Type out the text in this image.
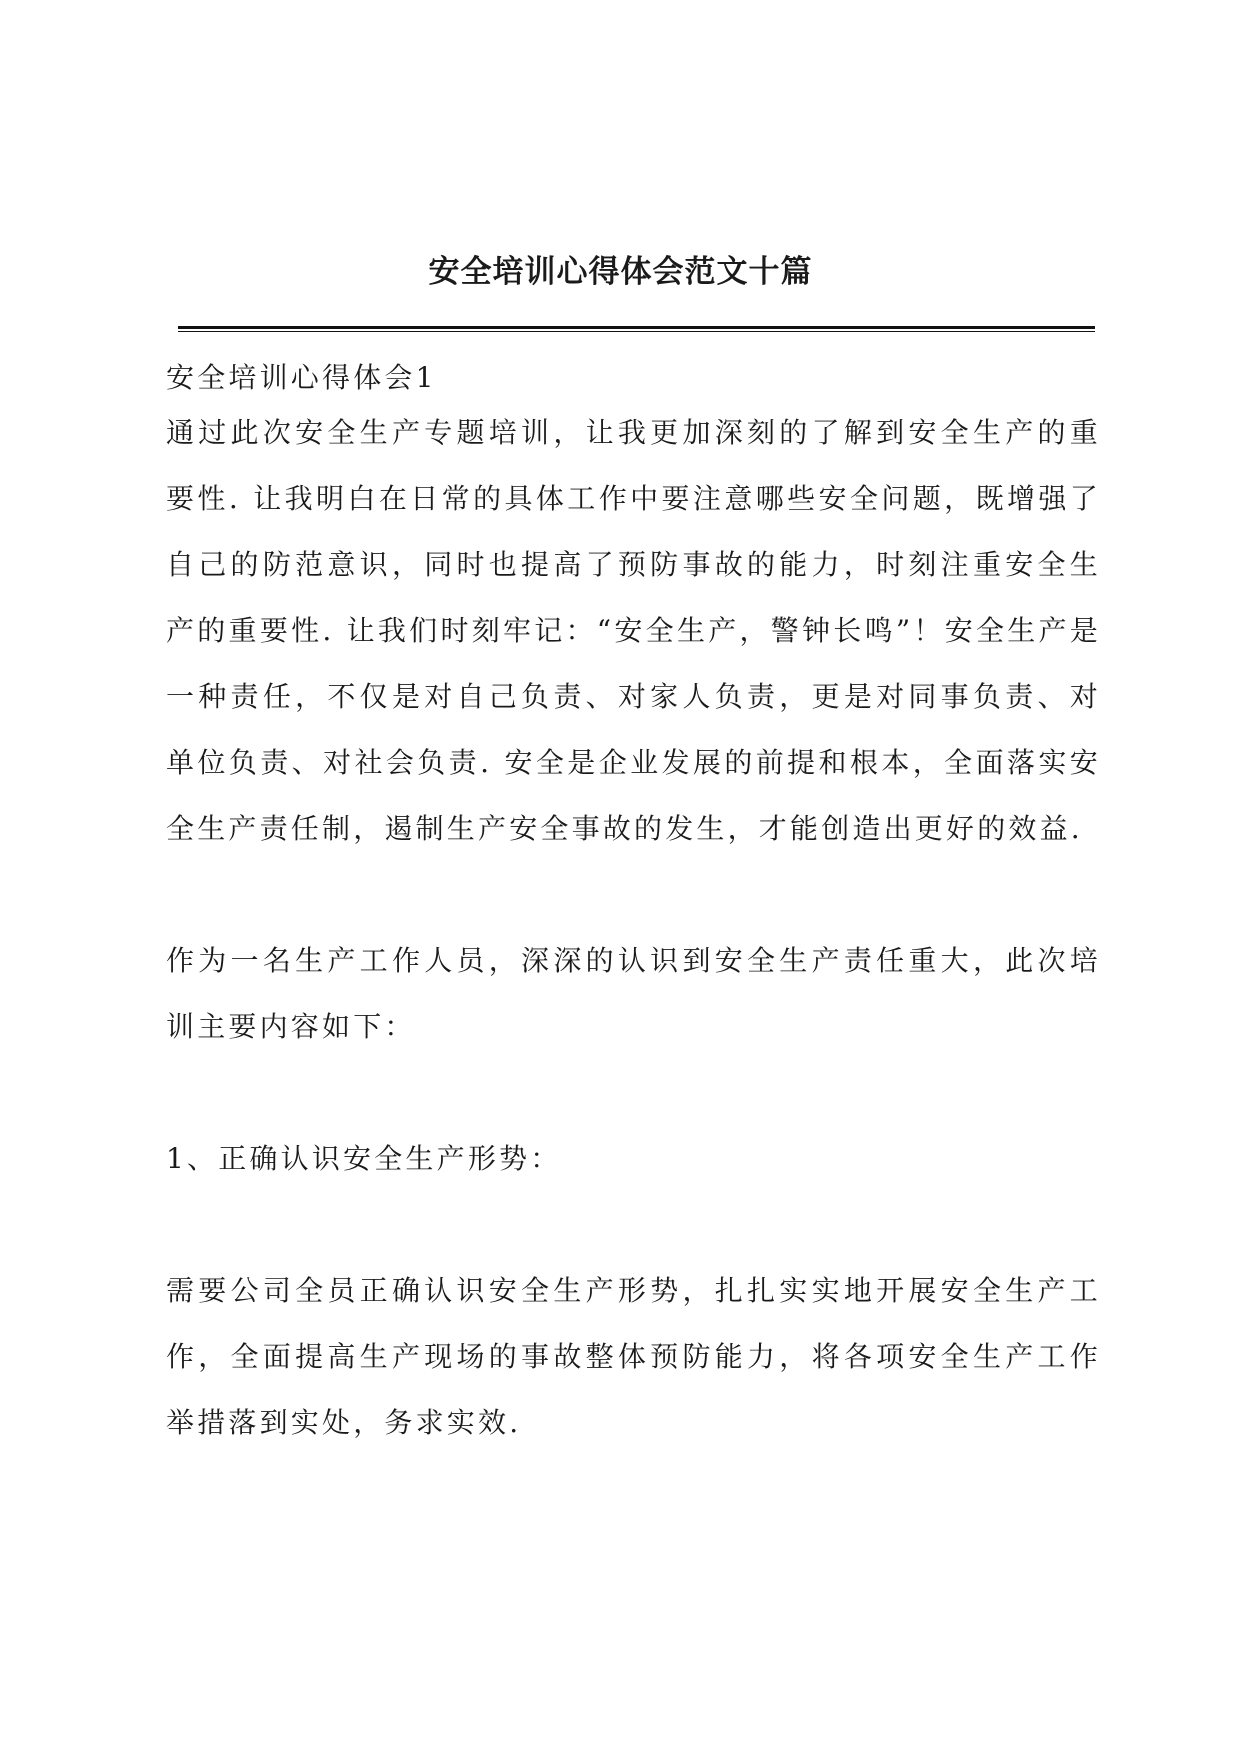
安全培训心得体会范文十篇
安全培训心得体会1

通过此次安全生产专题培训，让我更加深刻的了解到安全生产的重要性. 让我明白在日常的具体工作中要注意哪些安全问题，既增强了自己的防范意识，同时也提高了预防事故的能力，时刻注重安全生产的重要性. 让我们时刻牢记：“安全生产，警钟长鸣”！安全生产是一种责任，不仅是对自己负责、对家人负责，更是对同事负责、对单位负责、对社会负责. 安全是企业发展的前提和根本，全面落实安全生产责任制，遏制生产安全事故的发生，才能创造出更好的效益.

作为一名生产工作人员，深深的认识到安全生产责任重大，此次培训主要内容如下：

1、正确认识安全生产形势：

需要公司全员正确认识安全生产形势，扎扎实实地开展安全生产工作，全面提高生产现场的事故整体预防能力，将各项安全生产工作举措落到实处，务求实效.
